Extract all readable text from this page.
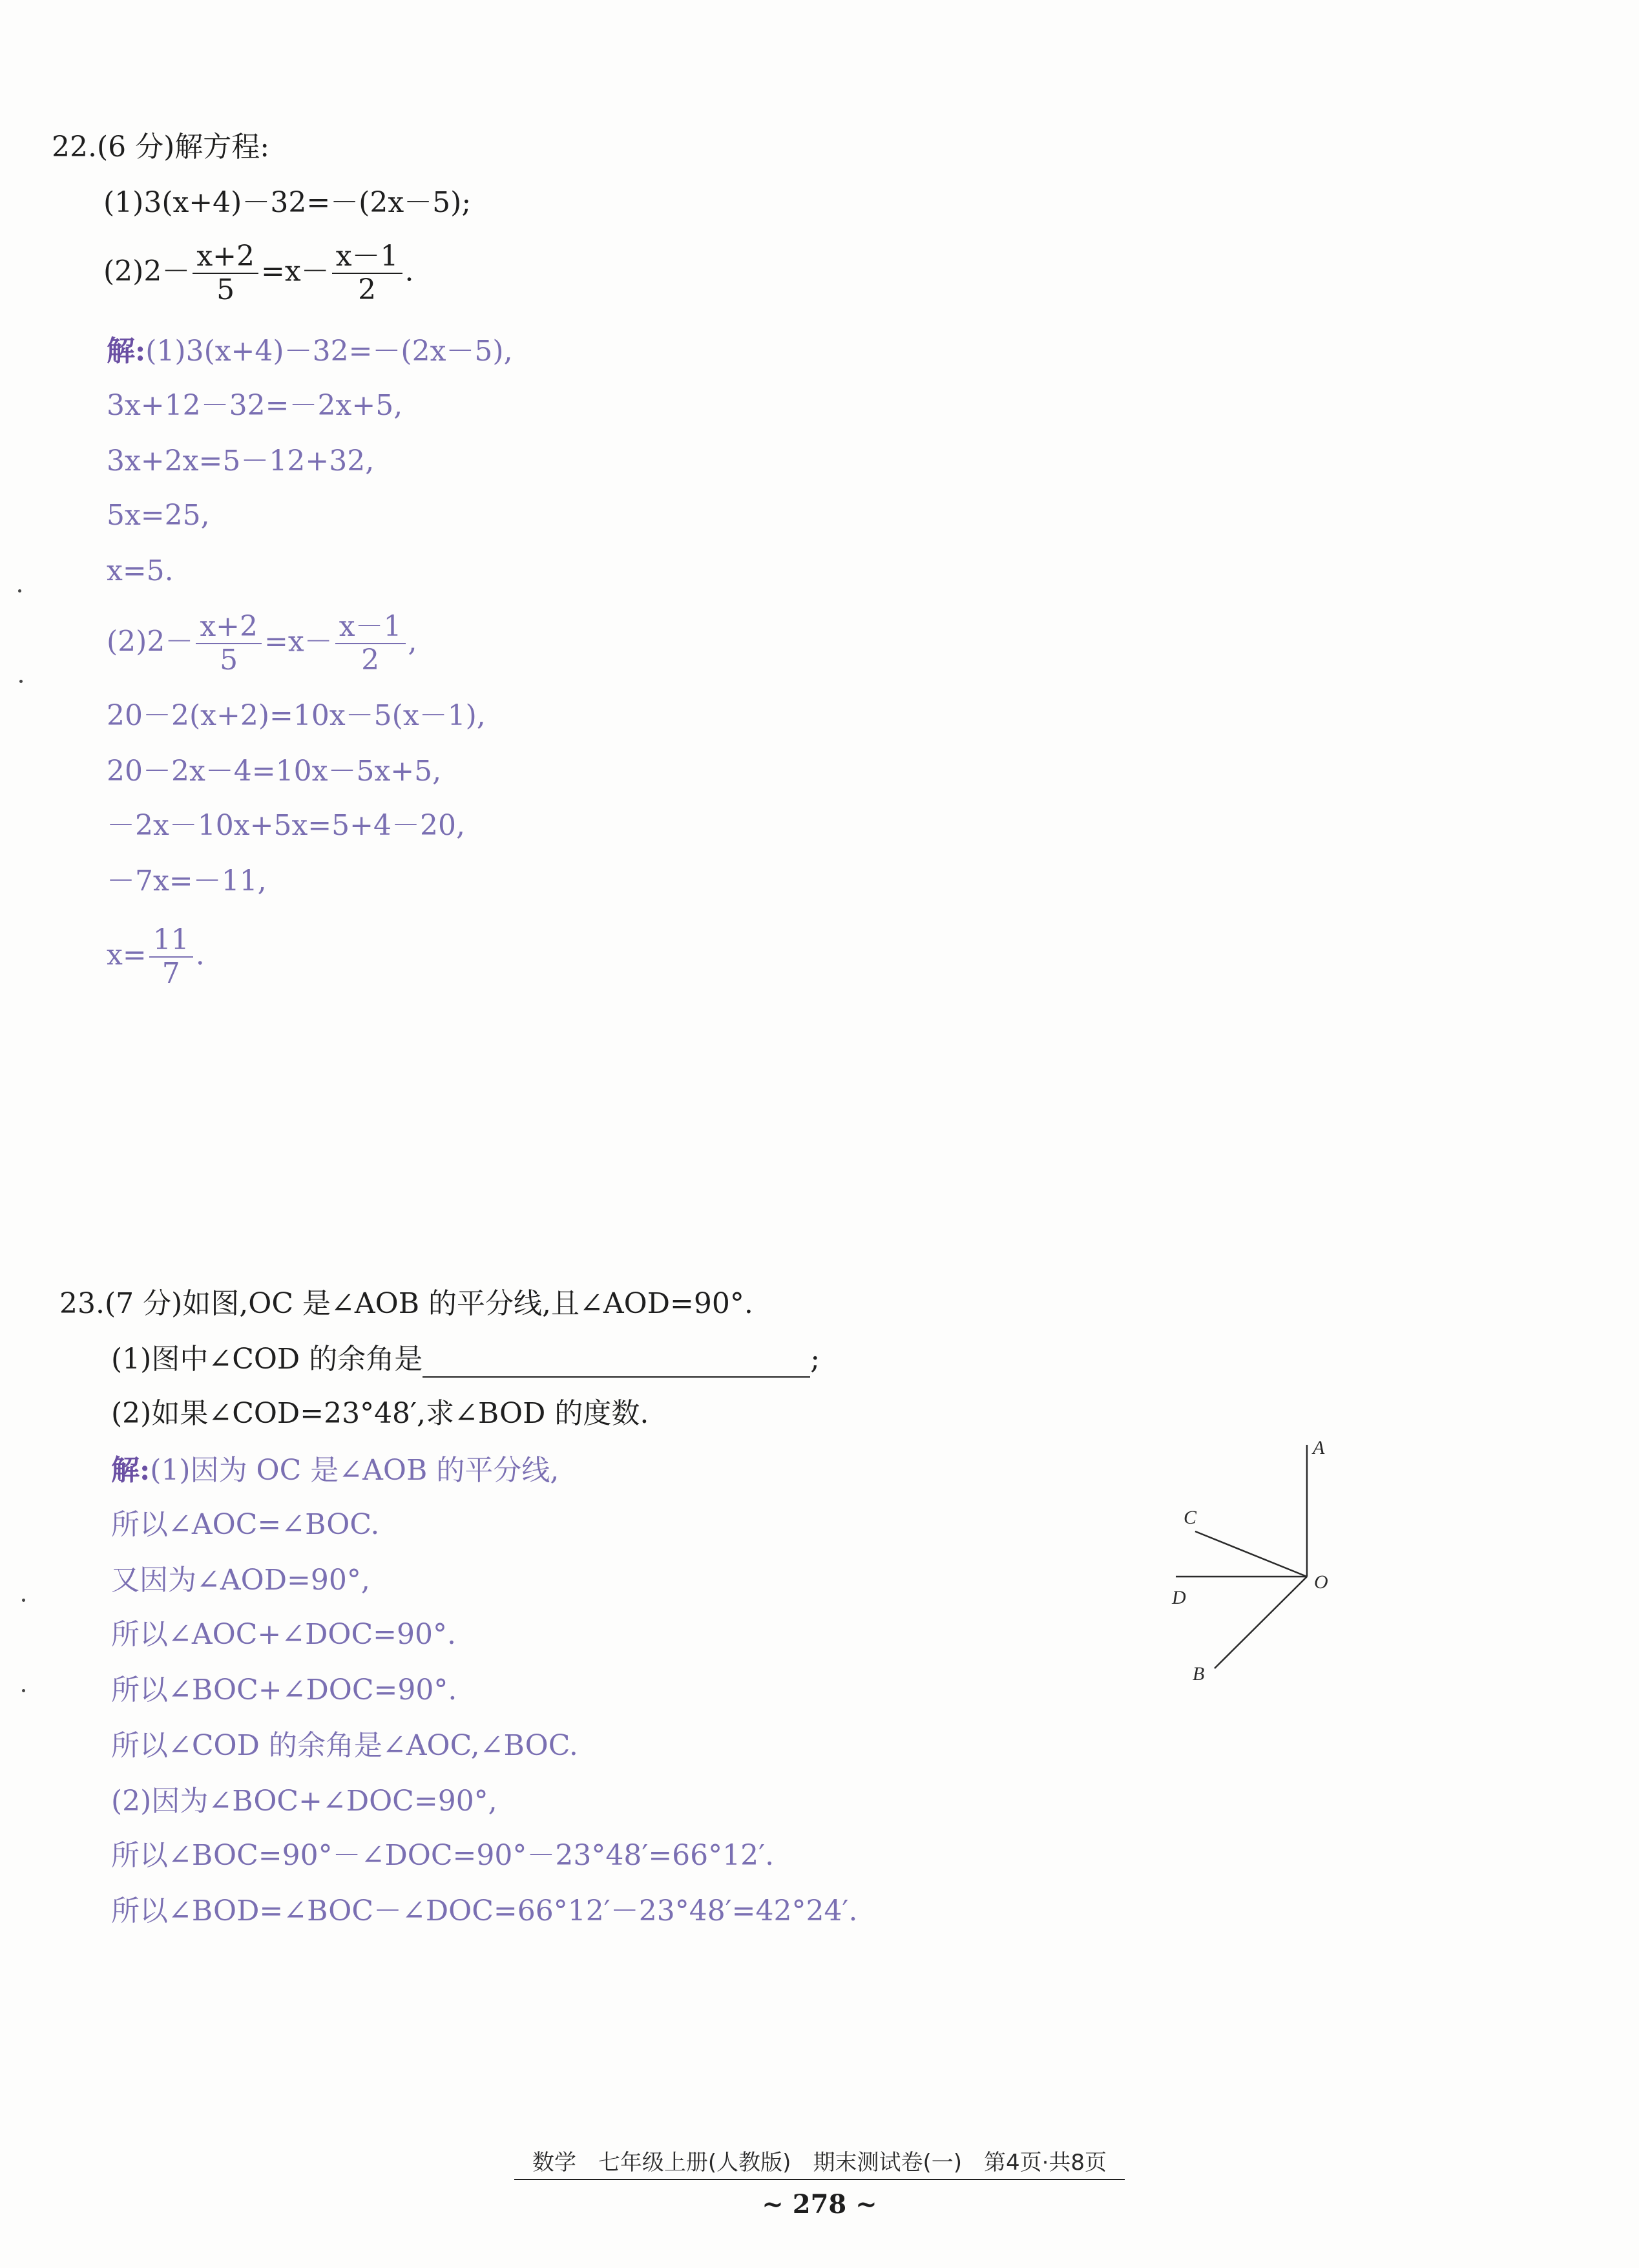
22.(6 分)解方程:
(1)3(x+4)－32=－(2x－5);
$(2)2- \frac{x+2}{5} =x- \frac{x-1}{2}$ .
解:(1)3(x+4)－32=－(2x－5),
3x+12－32=－2x+5,
3x+2x=5－12+32,
5x=25,
x=5.
$(2)2- \frac{x+2}{5} =x- \frac{x-1}{2}$ ,
20－2(x+2)=10x－5(x－1),
20－2x－4=10x－5x+5,
－2x－10x+5x=5+4－20,
－7x=－11,
$x= \frac{11}{7}$ .
23.(7 分)如图,OC 是∠AOB 的平分线,且∠AOD=90°.
(1)图中∠COD 的余角是	;
(2)如果∠COD=23°48′,求∠BOD 的度数.
解:(1)因为 OC 是∠AOB 的平分线,
所以∠AOC=∠BOC.
又因为∠AOD=90°,
所以∠AOC+∠DOC=90°.
所以∠BOC+∠DOC=90°.
所以∠COD 的余角是∠AOC,∠BOC.
(2)因为∠BOC+∠DOC=90°,
所以∠BOC=90°－∠DOC=90°－23°48′=66°12′.
所以∠BOD=∠BOC－∠DOC=66°12′－23°48′=42°24′.
A
C
O
D
B
数学　七年级上册(人教版)　期末测试卷(一)　第4页·共8页
~ 278 ~
